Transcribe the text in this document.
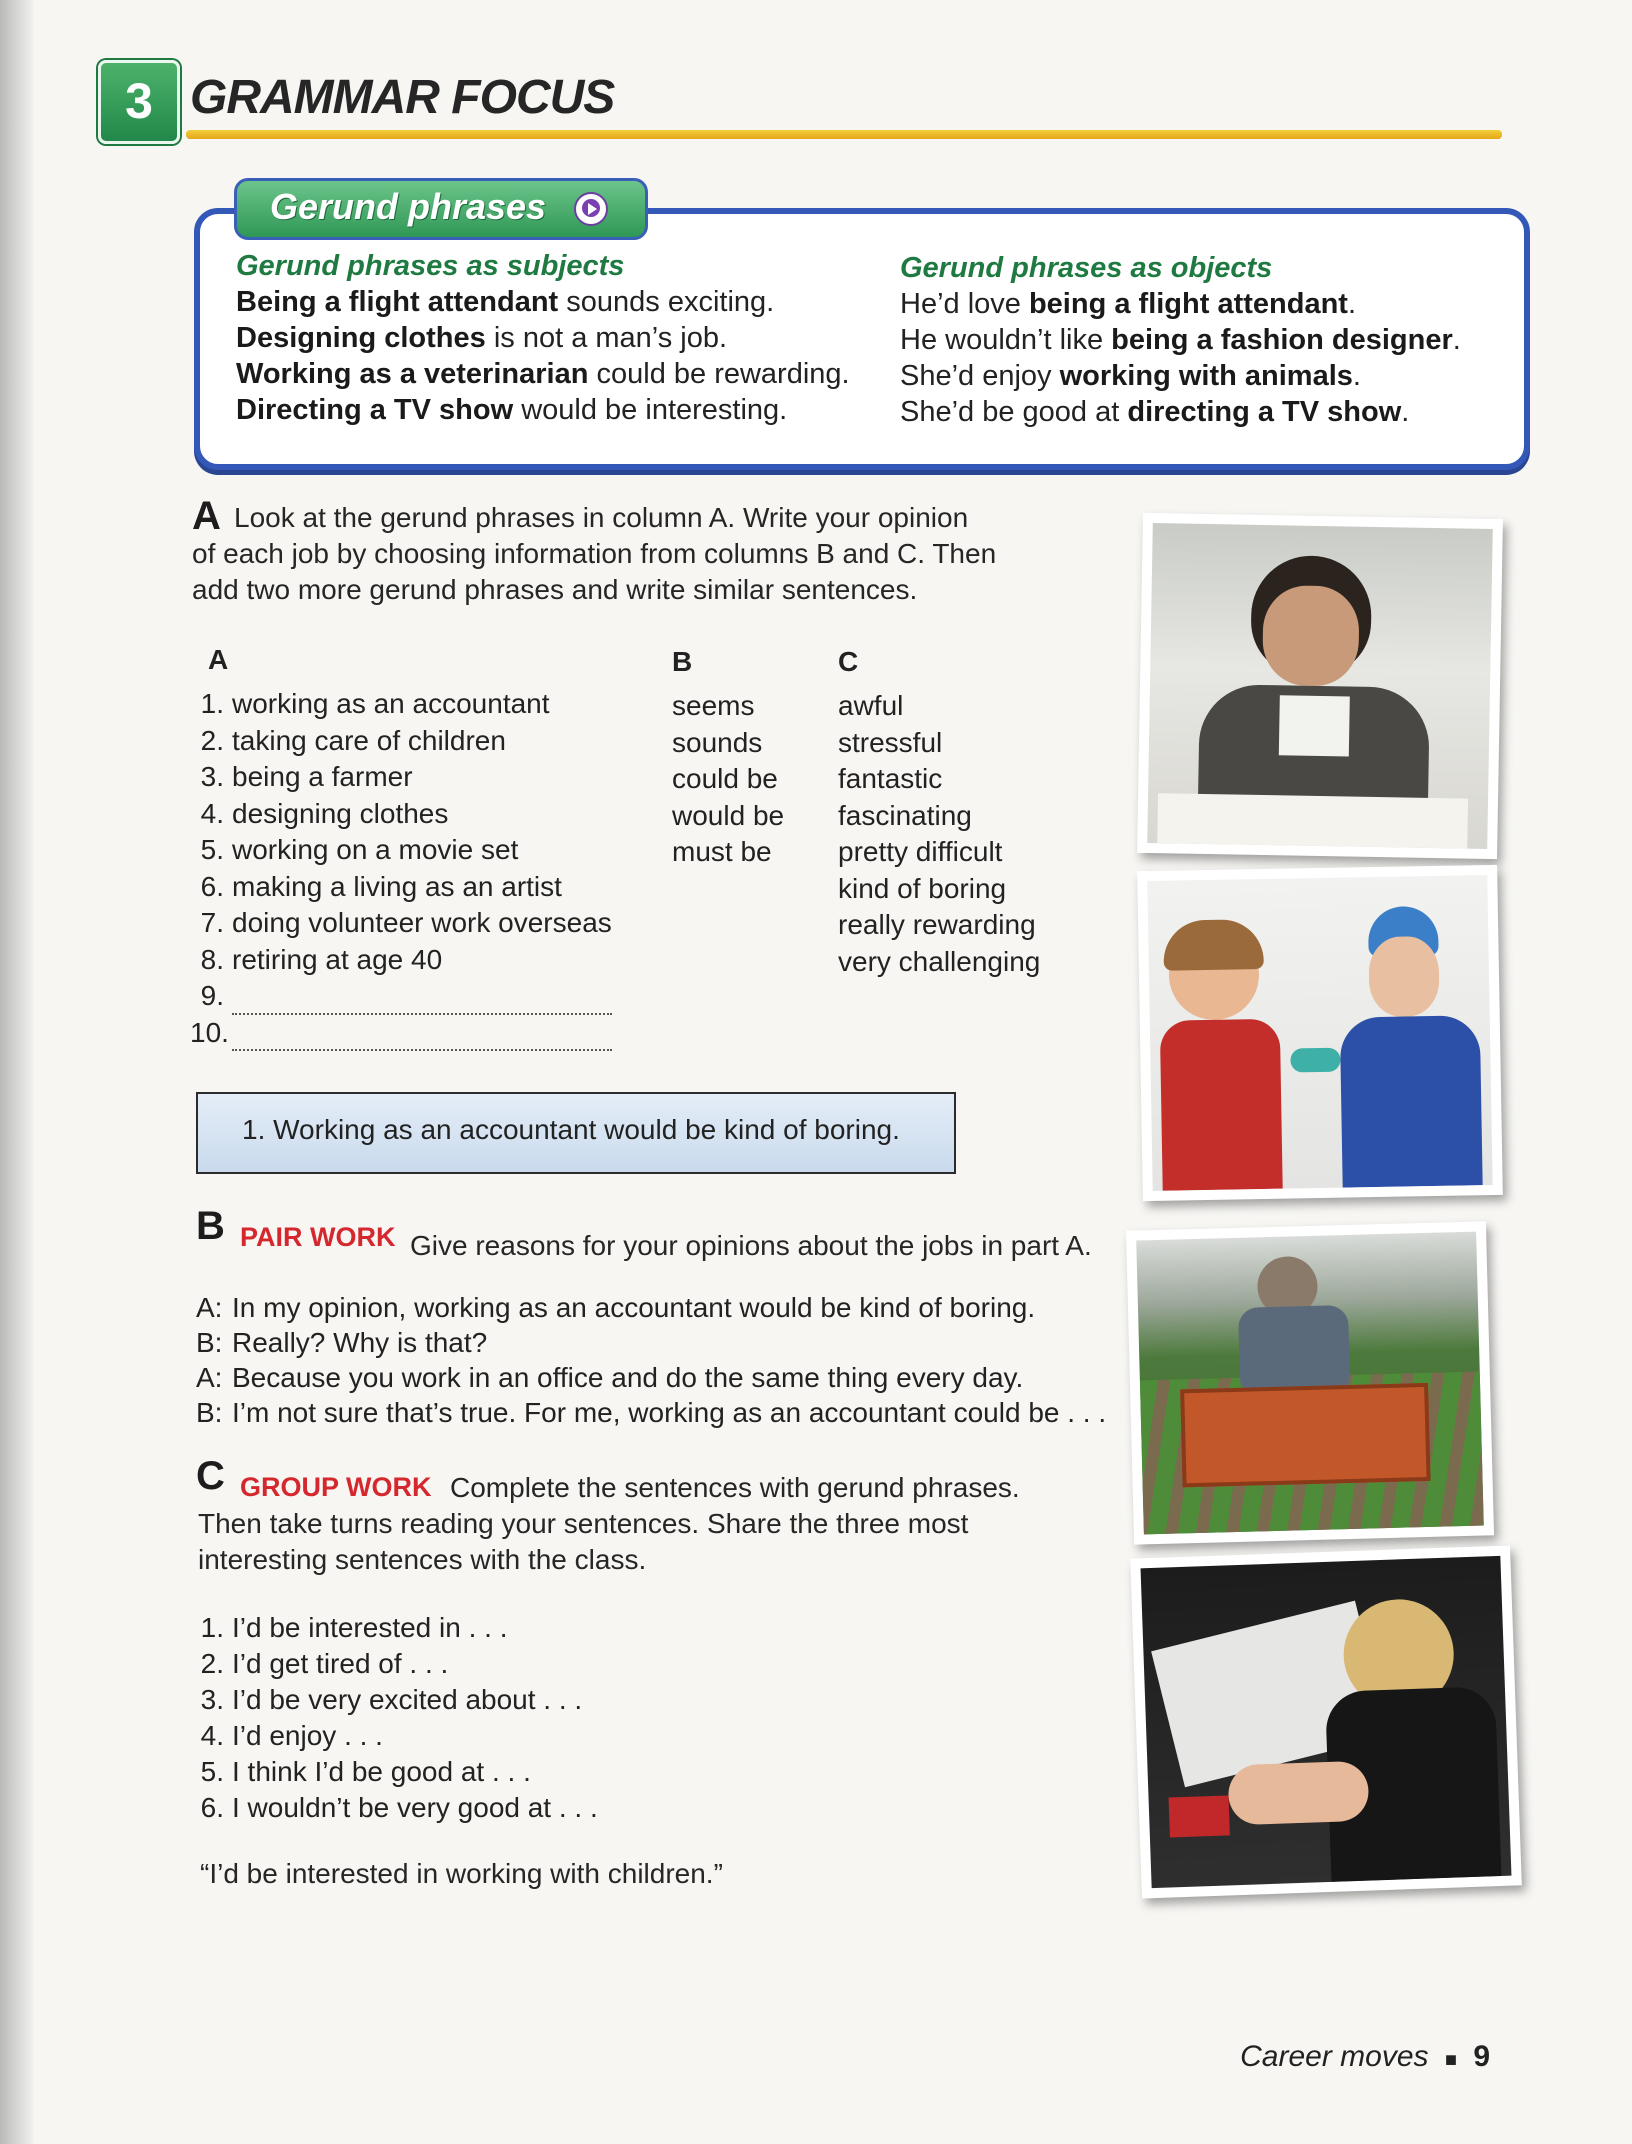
3 GRAMMAR FOCUS
Gerund phrases
Gerund phrases as subjects
Being a flight attendant sounds exciting.
Designing clothes is not a man’s job.
Working as a veterinarian could be rewarding.
Directing a TV show would be interesting.
Gerund phrases as objects
He’d love being a flight attendant.
He wouldn’t like being a fashion designer.
She’d enjoy working with animals.
She’d be good at directing a TV show.
A Look at the gerund phrases in column A. Write your opinion
of each job by choosing information from columns B and C. Then
add two more gerund phrases and write similar sentences.
A	B	C
1. working as an accountant
2. taking care of children
3. being a farmer
4. designing clothes
5. working on a movie set
6. making a living as an artist
7. doing volunteer work overseas
8. retiring at age 40
9.
10.
seems
sounds
could be
would be
must be
awful
stressful
fantastic
fascinating
pretty difficult
kind of boring
really rewarding
very challenging
1. Working as an accountant would be kind of boring.
B PAIR WORK Give reasons for your opinions about the jobs in part A.
A: In my opinion, working as an accountant would be kind of boring.
B: Really? Why is that?
A: Because you work in an office and do the same thing every day.
B: I’m not sure that’s true. For me, working as an accountant could be . . .
C GROUP WORK Complete the sentences with gerund phrases.
Then take turns reading your sentences. Share the three most
interesting sentences with the class.
1. I’d be interested in . . .
2. I’d get tired of . . .
3. I’d be very excited about . . .
4. I’d enjoy . . .
5. I think I’d be good at . . .
6. I wouldn’t be very good at . . .
“I’d be interested in working with children.”
Career moves ■ 9
